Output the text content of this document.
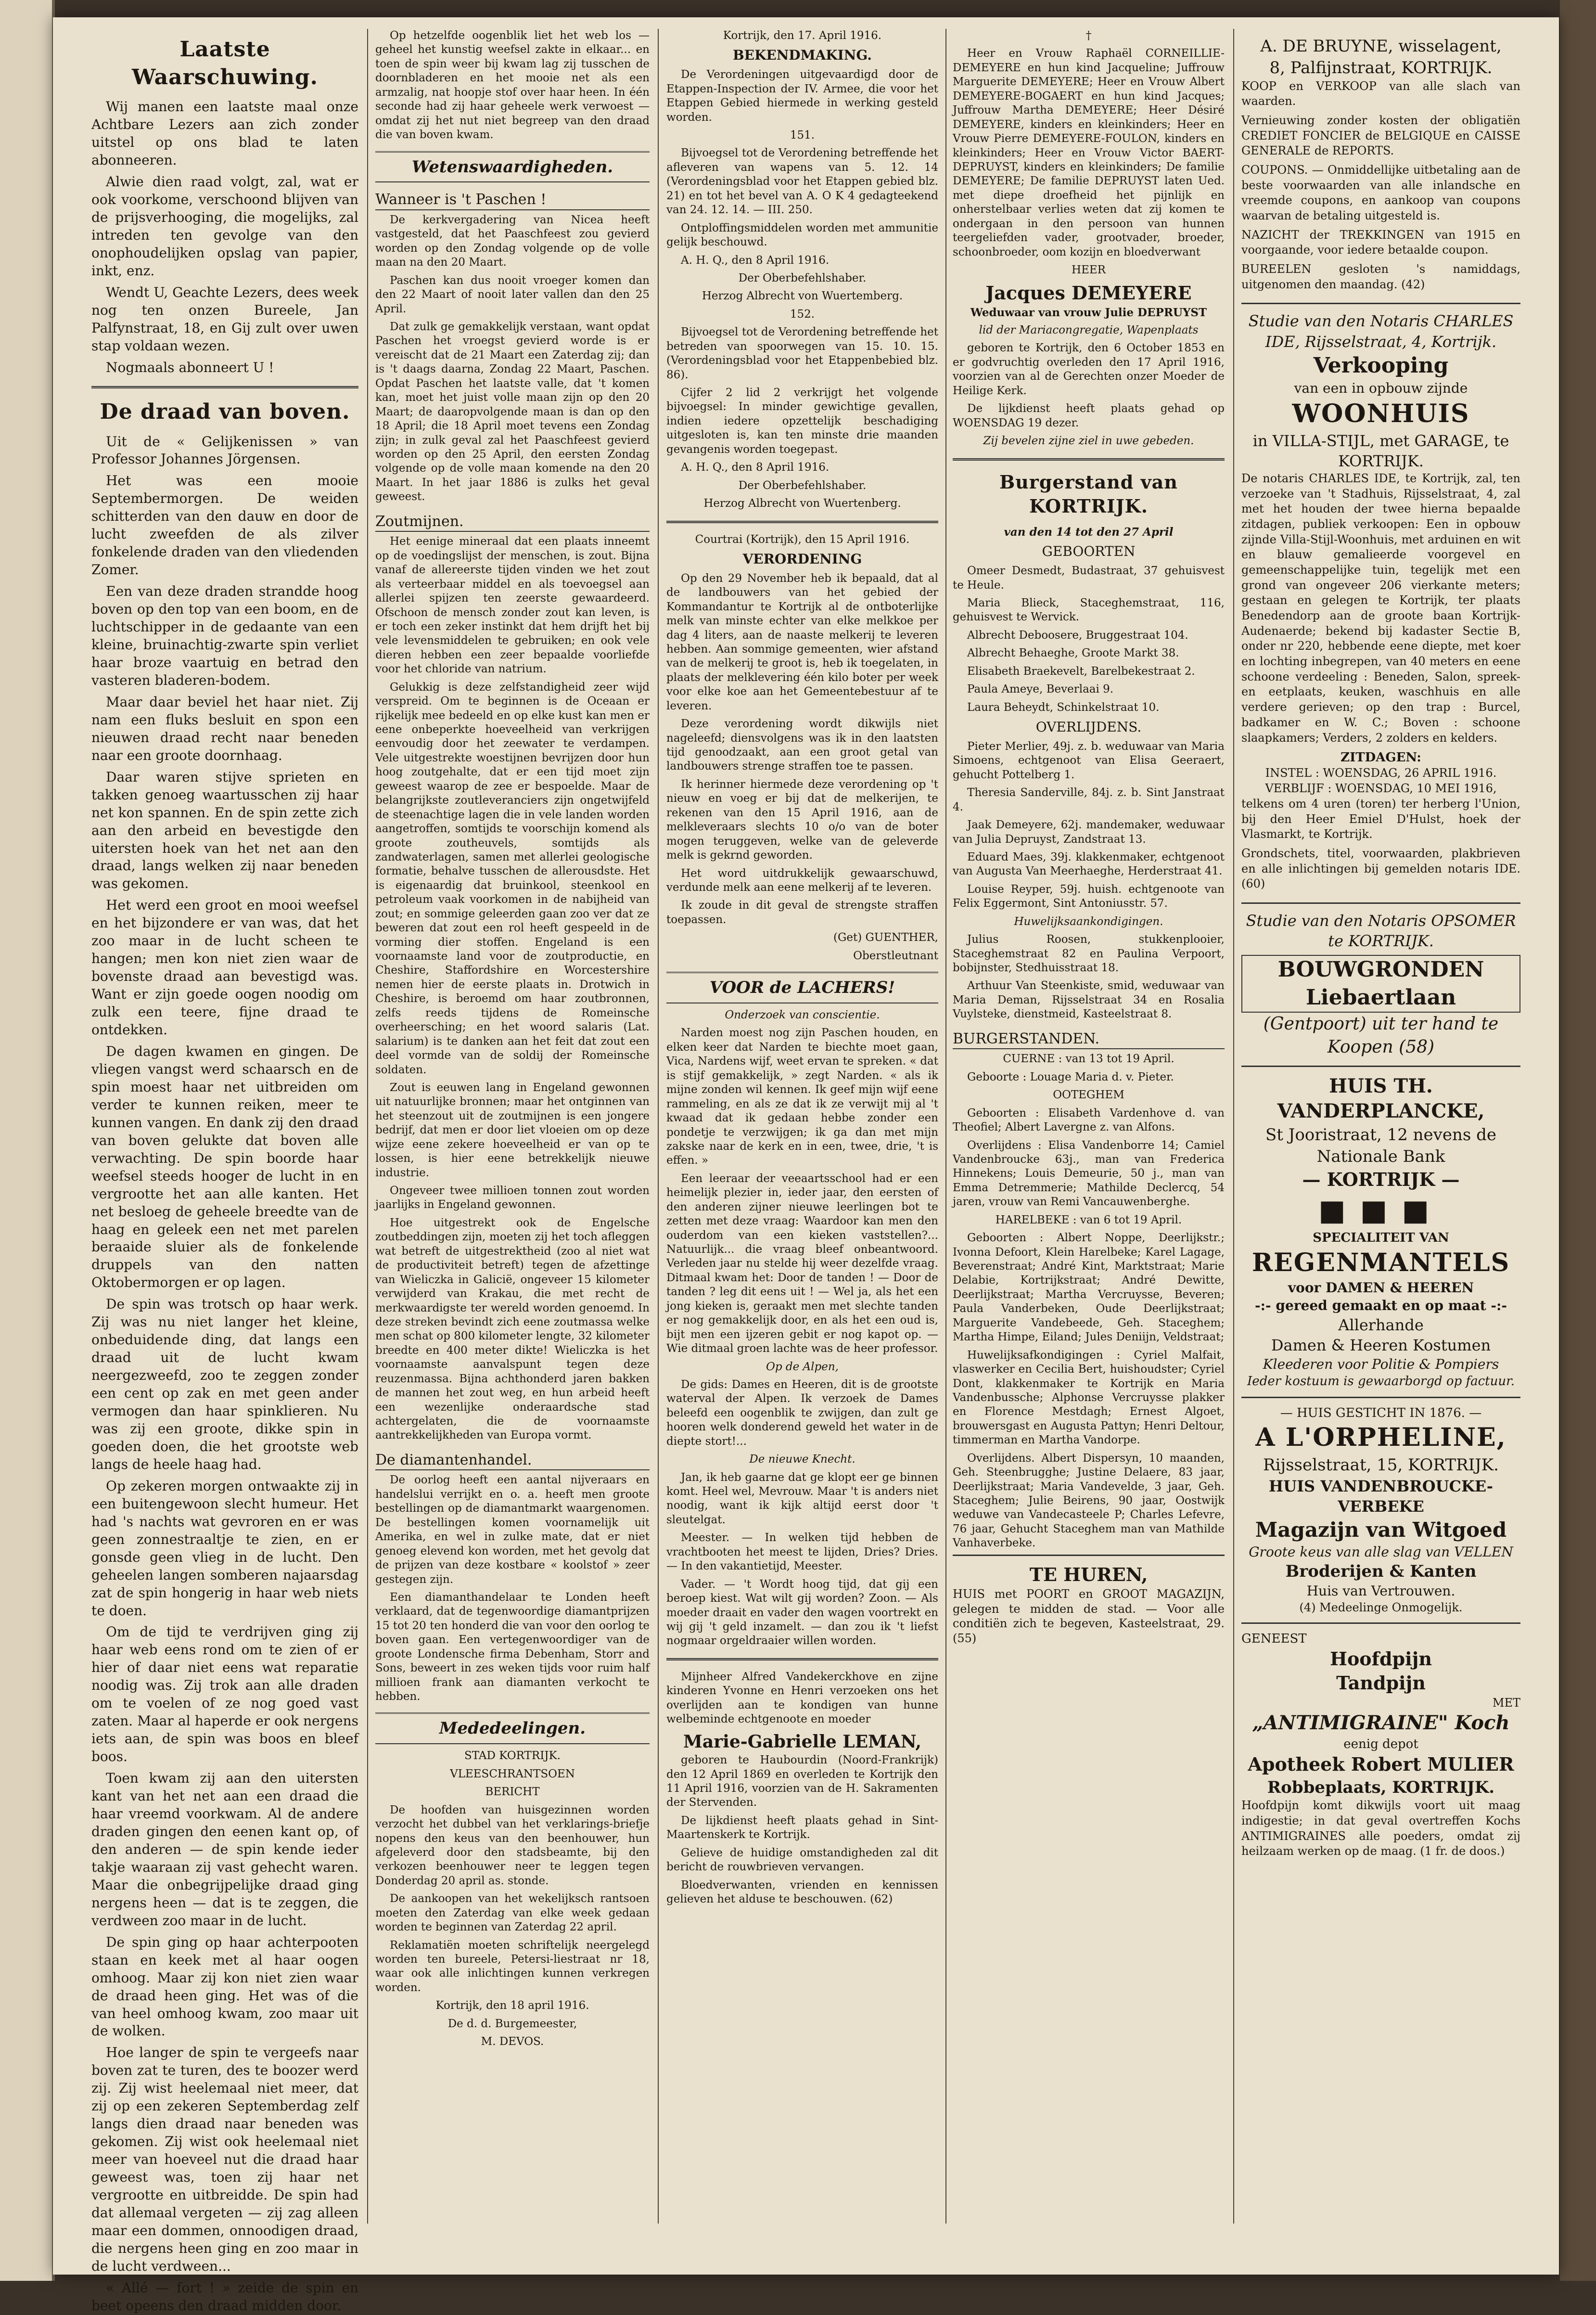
Laatste Waarschuwing.

Wij manen een laatste maal onze Achtbare Lezers aan zich zonder uitstel op ons blad te laten abonneeren.

Alwie dien raad volgt, zal, wat er ook voorkome, verschoond blijven van de prijsverhooging, die mogelijks, zal intreden ten gevolge van den onophoudelijken opslag van papier, inkt, enz.

Wendt U, Geachte Lezers, dees week nog ten onzen Bureele, Jan Palfynstraat, 18, en Gij zult over uwen stap voldaan wezen.

Nogmaals abonneert U !

De draad van boven.

Uit de « Gelijkenissen » van Professor Johannes Jörgensen.

Het was een mooie Septembermorgen. De weiden schitterden van den dauw en door de lucht zweefden de als zilver fonkelende draden van den vliedenden Zomer.

Een van deze draden strandde hoog boven op den top van een boom, en de luchtschipper in de gedaante van een kleine, bruinachtig-zwarte spin verliet haar broze vaartuig en betrad den vasteren bladeren-bodem.

Maar daar beviel het haar niet. Zij nam een fluks besluit en spon een nieuwen draad recht naar beneden naar een groote doornhaag.

Daar waren stijve sprieten en takken genoeg waartusschen zij haar net kon spannen. En de spin zette zich aan den arbeid en bevestigde den uitersten hoek van het net aan den draad, langs welken zij naar beneden was gekomen.

Het werd een groot en mooi weefsel en het bijzondere er van was, dat het zoo maar in de lucht scheen te hangen; men kon niet zien waar de bovenste draad aan bevestigd was. Want er zijn goede oogen noodig om zulk een teere, fijne draad te ontdekken.

De dagen kwamen en gingen. De vliegen vangst werd schaarsch en de spin moest haar net uitbreiden om verder te kunnen reiken, meer te kunnen vangen. En dank zij den draad van boven gelukte dat boven alle verwachting. De spin boorde haar weefsel steeds hooger de lucht in en vergrootte het aan alle kanten. Het net besloeg de geheele breedte van de haag en geleek een net met parelen beraaide sluier als de fonkelende druppels van den natten Oktobermorgen er op lagen.

De spin was trotsch op haar werk. Zij was nu niet langer het kleine, onbeduidende ding, dat langs een draad uit de lucht kwam neergezweefd, zoo te zeggen zonder een cent op zak en met geen ander vermogen dan haar spinklieren. Nu was zij een groote, dikke spin in goeden doen, die het grootste web langs de heele haag had.

Op zekeren morgen ontwaakte zij in een buitengewoon slecht humeur. Het had 's nachts wat gevroren en er was geen zonnestraaltje te zien, en er gonsde geen vlieg in de lucht. Den geheelen langen somberen najaarsdag zat de spin hongerig in haar web niets te doen.

Om de tijd te verdrijven ging zij haar web eens rond om te zien of er hier of daar niet eens wat reparatie noodig was. Zij trok aan alle draden om te voelen of ze nog goed vast zaten. Maar al haperde er ook nergens iets aan, de spin was boos en bleef boos.

Toen kwam zij aan den uitersten kant van het net aan een draad die haar vreemd voorkwam. Al de andere draden gingen den eenen kant op, of den anderen — de spin kende ieder takje waaraan zij vast gehecht waren. Maar die onbegrijpelijke draad ging nergens heen — dat is te zeggen, die verdween zoo maar in de lucht.

De spin ging op haar achterpooten staan en keek met al haar oogen omhoog. Maar zij kon niet zien waar de draad heen ging. Het was of die van heel omhoog kwam, zoo maar uit de wolken.

Hoe langer de spin te vergeefs naar boven zat te turen, des te boozer werd zij. Zij wist heelemaal niet meer, dat zij op een zekeren Septemberdag zelf langs dien draad naar beneden was gekomen. Zij wist ook heelemaal niet meer van hoeveel nut die draad haar geweest was, toen zij haar net vergrootte en uitbreidde. De spin had dat allemaal vergeten — zij zag alleen maar een dommen, onnoodigen draad, die nergens heen ging en zoo maar in de lucht verdween...

« Allé — fort ! » zeide de spin en beet opeens den draad midden door.

Op hetzelfde oogenblik liet het web los — geheel het kunstig weefsel zakte in elkaar... en toen de spin weer bij kwam lag zij tusschen de doornbladeren en het mooie net als een armzalig, nat hoopje stof over haar heen. In één seconde had zij haar geheele werk verwoest — omdat zij het nut niet begreep van den draad die van boven kwam.

Wetenswaardigheden.
Wanneer is 't Paschen !

De kerkvergadering van Nicea heeft vastgesteld, dat het Paaschfeest zou gevierd worden op den Zondag volgende op de volle maan na den 20 Maart.

Paschen kan dus nooit vroeger komen dan den 22 Maart of nooit later vallen dan den 25 April.

Dat zulk ge gemakkelijk verstaan, want opdat Paschen het vroegst gevierd worde is er vereischt dat de 21 Maart een Zaterdag zij; dan is 't daags daarna, Zondag 22 Maart, Paschen. Opdat Paschen het laatste valle, dat 't komen kan, moet het juist volle maan zijn op den 20 Maart; de daaropvolgende maan is dan op den 18 April; die 18 April moet tevens een Zondag zijn; in zulk geval zal het Paaschfeest gevierd worden op den 25 April, den eersten Zondag volgende op de volle maan komende na den 20 Maart. In het jaar 1886 is zulks het geval geweest.

Zoutmijnen.

Het eenige mineraal dat een plaats inneemt op de voedingslijst der menschen, is zout. Bijna vanaf de allereerste tijden vinden we het zout als verteerbaar middel en als toevoegsel aan allerlei spijzen ten zeerste gewaardeerd. Ofschoon de mensch zonder zout kan leven, is er toch een zeker instinkt dat hem drijft het bij vele levensmiddelen te gebruiken; en ook vele dieren hebben een zeer bepaalde voorliefde voor het chloride van natrium.

Gelukkig is deze zelfstandigheid zeer wijd verspreid. Om te beginnen is de Oceaan er rijkelijk mee bedeeld en op elke kust kan men er eene onbeperkte hoeveelheid van verkrijgen eenvoudig door het zeewater te verdampen. Vele uitgestrekte woestijnen bevrijzen door hun hoog zoutgehalte, dat er een tijd moet zijn geweest waarop de zee er bespoelde. Maar de belangrijkste zoutleveranciers zijn ongetwijfeld de steenachtige lagen die in vele landen worden aangetroffen, somtijds te voorschijn komend als groote zoutheuvels, somtijds als zandwaterlagen, samen met allerlei geologische formatie, behalve tusschen de allerousdste. Het is eigenaardig dat bruinkool, steenkool en petroleum vaak voorkomen in de nabijheid van zout; en sommige geleerden gaan zoo ver dat ze beweren dat zout een rol heeft gespeeld in de vorming dier stoffen. Engeland is een voornaamste land voor de zoutproductie, en Cheshire, Staffordshire en Worcestershire nemen hier de eerste plaats in. Drotwich in Cheshire, is beroemd om haar zoutbronnen, zelfs reeds tijdens de Romeinsche overheersching; en het woord salaris (Lat. salarium) is te danken aan het feit dat zout een deel vormde van de soldij der Romeinsche soldaten.

Zout is eeuwen lang in Engeland gewonnen uit natuurlijke bronnen; maar het ontginnen van het steenzout uit de zoutmijnen is een jongere bedrijf, dat men er door liet vloeien om op deze wijze eene zekere hoeveelheid er van op te lossen, is hier eene betrekkelijk nieuwe industrie.

Ongeveer twee millioen tonnen zout worden jaarlijks in Engeland gewonnen.

Hoe uitgestrekt ook de Engelsche zoutbeddingen zijn, moeten zij het toch afleggen wat betreft de uitgestrektheid (zoo al niet wat de productiviteit betreft) tegen de afzettinge van Wieliczka in Galicië, ongeveer 15 kilometer verwijderd van Krakau, die met recht de merkwaardigste ter wereld worden genoemd. In deze streken bevindt zich eene zoutmassa welke men schat op 800 kilometer lengte, 32 kilometer breedte en 400 meter dikte! Wieliczka is het voornaamste aanvalspunt tegen deze reuzenmassa. Bijna achthonderd jaren bakken de mannen het zout weg, en hun arbeid heeft een wezenlijke onderaardsche stad achtergelaten, die de voornaamste aantrekkelijkheden van Europa vormt.

De diamantenhandel.

De oorlog heeft een aantal nijveraars en handelslui verrijkt en o. a. heeft men groote bestellingen op de diamantmarkt waargenomen. De bestellingen komen voornamelijk uit Amerika, en wel in zulke mate, dat er niet genoeg elevend kon worden, met het gevolg dat de prijzen van deze kostbare « koolstof » zeer gestegen zijn.

Een diamanthandelaar te Londen heeft verklaard, dat de tegenwoordige diamantprijzen 15 tot 20 ten honderd die van voor den oorlog te boven gaan. Een vertegenwoordiger van de groote Londensche firma Debenham, Storr and Sons, beweert in zes weken tijds voor ruim half millioen frank aan diamanten verkocht te hebben.

Mededeelingen.

STAD KORTRIJK.

VLEESCHRANTSOEN

BERICHT

De hoofden van huisgezinnen worden verzocht het dubbel van het verklarings-briefje nopens den keus van den beenhouwer, hun afgeleverd door den stadsbeamte, bij den verkozen beenhouwer neer te leggen tegen Donderdag 20 april as. stonde.

De aankoopen van het wekelijksch rantsoen moeten den Zaterdag van elke week gedaan worden te beginnen van Zaterdag 22 april.

Reklamatiën moeten schriftelijk neergelegd worden ten bureele, Petersi-liestraat nr 18, waar ook alle inlichtingen kunnen verkregen worden.

Kortrijk, den 18 april 1916.

De d. d. Burgemeester,

M. DEVOS.

Kortrijk, den 17. April 1916.

BEKENDMAKING.

De Verordeningen uitgevaardigd door de Etappen-Inspection der IV. Armee, die voor het Etappen Gebied hiermede in werking gesteld worden.

151.

Bijvoegsel tot de Verordening betreffende het afleveren van wapens van 5. 12. 14 (Verordeningsblad voor het Etappen gebied blz. 21) en tot het bevel van A. O K 4 gedagteekend van 24. 12. 14. — III. 250.

Ontploffingsmiddelen worden met ammunitie gelijk beschouwd.

A. H. Q., den 8 April 1916.

Der Oberbefehlshaber.

Herzog Albrecht von Wuertemberg.

152.

Bijvoegsel tot de Verordening betreffende het betreden van spoorwegen van 15. 10. 15. (Verordeningsblad voor het Etappenbebied blz. 86).

Cijfer 2 lid 2 verkrijgt het volgende bijvoegsel: In minder gewichtige gevallen, indien iedere opzettelijk beschadiging uitgesloten is, kan ten minste drie maanden gevangenis worden toegepast.

A. H. Q., den 8 April 1916.

Der Oberbefehlshaber.

Herzog Albrecht von Wuertenberg.

Courtrai (Kortrijk), den 15 April 1916.

VERORDENING

Op den 29 November heb ik bepaald, dat al de landbouwers van het gebied der Kommandantur te Kortrijk al de ontboterlijke melk van minste echter van elke melkkoe per dag 4 liters, aan de naaste melkerij te leveren hebben. Aan sommige gemeenten, wier afstand van de melkerij te groot is, heb ik toegelaten, in plaats der melklevering één kilo boter per week voor elke koe aan het Gemeentebestuur af te leveren.

Deze verordening wordt dikwijls niet nageleefd; diensvolgens was ik in den laatsten tijd genoodzaakt, aan een groot getal van landbouwers strenge straffen toe te passen.

Ik herinner hiermede deze verordening op 't nieuw en voeg er bij dat de melkerijen, te rekenen van den 15 April 1916, aan de melkleveraars slechts 10 o/o van de boter mogen teruggeven, welke van de geleverde melk is gekrnd geworden.

Het word uitdrukkelijk gewaarschuwd, verdunde melk aan eene melkerij af te leveren.

Ik zoude in dit geval de strengste straffen toepassen.

(Get) GUENTHER,

Oberstleutnant

VOOR de LACHERS!

Onderzoek van conscientie.

Narden moest nog zijn Paschen houden, en elken keer dat Narden te biechte moet gaan, Vica, Nardens wijf, weet ervan te spreken. « dat is stijf gemakkelijk, » zegt Narden. « als ik mijne zonden wil kennen. Ik geef mijn wijf eene rammeling, en als ze dat ik ze verwijt mij al 't kwaad dat ik gedaan hebbe zonder een pondetje te verzwijgen; ik ga dan met mijn zakske naar de kerk en in een, twee, drie, 't is effen. »

Een leeraar der veeaartsschool had er een heimelijk plezier in, ieder jaar, den eersten of den anderen zijner nieuwe leerlingen bot te zetten met deze vraag: Waardoor kan men den ouderdom van een kieken vaststellen?... Natuurlijk... die vraag bleef onbeantwoord. Verleden jaar nu stelde hij weer dezelfde vraag. Ditmaal kwam het: Door de tanden ! — Door de tanden ? leg dit eens uit ! — Wel ja, als het een jong kieken is, geraakt men met slechte tanden er nog gemakkelijk door, en als het een oud is, bijt men een ijzeren gebit er nog kapot op. — Wie ditmaal groen lachte was de heer professor.

Op de Alpen,

De gids: Dames en Heeren, dit is de grootste waterval der Alpen. Ik verzoek de Dames beleefd een oogenblik te zwijgen, dan zult ge hooren welk donderend geweld het water in de diepte stort!...

De nieuwe Knecht.

Jan, ik heb gaarne dat ge klopt eer ge binnen komt. Heel wel, Mevrouw. Maar 't is anders niet noodig, want ik kijk altijd eerst door 't sleutelgat.

Meester. — In welken tijd hebben de vrachtbooten het meest te lijden, Dries? Dries. — In den vakantietijd, Meester.

Vader. — 't Wordt hoog tijd, dat gij een beroep kiest. Wat wilt gij worden? Zoon. — Als moeder draait en vader den wagen voortrekt en wij gij 't geld inzamelt. — dan zou ik 't liefst nogmaar orgeldraaier willen worden.

Mijnheer Alfred Vandekerckhove en zijne kinderen Yvonne en Henri verzoeken ons het overlijden aan te kondigen van hunne welbeminde echtgenoote en moeder

Marie-Gabrielle LEMAN,

geboren te Haubourdin (Noord-Frankrijk) den 12 April 1869 en overleden te Kortrijk den 11 April 1916, voorzien van de H. Sakramenten der Stervenden.

De lijkdienst heeft plaats gehad in Sint-Maartenskerk te Kortrijk.

Gelieve de huidige omstandigheden zal dit bericht de rouwbrieven vervangen.

Bloedverwanten, vrienden en kennissen gelieven het alduse te beschouwen. (62)

†

Heer en Vrouw Raphaël CORNEILLIE-DEMEYERE en hun kind Jacqueline; Juffrouw Marguerite DEMEYERE; Heer en Vrouw Albert DEMEYERE-BOGAERT en hun kind Jacques; Juffrouw Martha DEMEYERE; Heer Désiré DEMEYERE, kinders en kleinkinders; Heer en Vrouw Pierre DEMEYERE-FOULON, kinders en kleinkinders; Heer en Vrouw Victor BAERT-DEPRUYST, kinders en kleinkinders; De familie DEMEYERE; De familie DEPRUYST laten Ued. met diepe droefheid het pijnlijk en onherstelbaar verlies weten dat zij komen te ondergaan in den persoon van hunnen teergeliefden vader, grootvader, broeder, schoonbroeder, oom kozijn en bloedverwant

HEER

Jacques DEMEYERE

Weduwaar van vrouw Julie DEPRUYST

lid der Mariacongregatie, Wapenplaats

geboren te Kortrijk, den 6 October 1853 en er godvruchtig overleden den 17 April 1916, voorzien van al de Gerechten onzer Moeder de Heilige Kerk.

De lijkdienst heeft plaats gehad op WOENSDAG 19 dezer.

Zij bevelen zijne ziel in uwe gebeden.

Burgerstand van KORTRIJK.

van den 14 tot den 27 April

GEBOORTEN

Omeer Desmedt, Budastraat, 37 gehuisvest te Heule.

Maria Blieck, Staceghemstraat, 116, gehuisvest te Wervick.

Albrecht Deboosere, Bruggestraat 104.

Albrecht Behaeghe, Groote Markt 38.

Elisabeth Braekevelt, Barelbekestraat 2.

Paula Ameye, Beverlaai 9.

Laura Beheydt, Schinkelstraat 10.

OVERLIJDENS.

Pieter Merlier, 49j. z. b. weduwaar van Maria Simoens, echtgenoot van Elisa Geeraert, gehucht Pottelberg 1.

Theresia Sanderville, 84j. z. b. Sint Janstraat 4.

Jaak Demeyere, 62j. mandemaker, weduwaar van Julia Depruyst, Zandstraat 13.

Eduard Maes, 39j. klakkenmaker, echtgenoot van Augusta Van Meerhaeghe, Herderstraat 41.

Louise Reyper, 59j. huish. echtgenoote van Felix Eggermont, Sint Antoniusstr. 57.

Huwelijksaankondigingen.

Julius Roosen, stukkenplooier, Staceghemstraat 82 en Paulina Verpoort, bobijnster, Stedhuisstraat 18.

Arthuur Van Steenkiste, smid, weduwaar van Maria Deman, Rijsselstraat 34 en Rosalia Vuylsteke, dienstmeid, Kasteelstraat 8.

BURGERSTANDEN.

CUERNE : van 13 tot 19 April.

Geboorte : Louage Maria d. v. Pieter.

OOTEGHEM

Geboorten : Elisabeth Vardenhove d. van Theofiel; Albert Lavergne z. van Alfons.

Overlijdens : Elisa Vandenborre 14; Camiel Vandenbroucke 63j., man van Frederica Hinnekens; Louis Demeurie, 50 j., man van Emma Detremmerie; Mathilde Declercq, 54 jaren, vrouw van Remi Vancauwenberghe.

HARELBEKE : van 6 tot 19 April.

Geboorten : Albert Noppe, Deerlijkstr.; Ivonna Defoort, Klein Harelbeke; Karel Lagage, Beverenstraat; André Kint, Marktstraat; Marie Delabie, Kortrijkstraat; André Dewitte, Deerlijkstraat; Martha Vercruysse, Beveren; Paula Vanderbeken, Oude Deerlijkstraat; Marguerite Vandebeede, Geh. Staceghem; Martha Himpe, Eiland; Jules Deniijn, Veldstraat;

Huwelijksafkondigingen : Cyriel Malfait, vlaswerker en Cecilia Bert, huishoudster; Cyriel Dont, klakkenmaker te Kortrijk en Maria Vandenbussche; Alphonse Vercruysse plakker en Florence Mestdagh; Ernest Algoet, brouwersgast en Augusta Pattyn; Henri Deltour, timmerman en Martha Vandorpe.

Overlijdens. Albert Dispersyn, 10 maanden, Geh. Steenbrugghe; Justine Delaere, 83 jaar, Deerlijkstraat; Maria Vandevelde, 3 jaar, Geh. Staceghem; Julie Beirens, 90 jaar, Oostwijk weduwe van Vandecasteele P; Charles Lefevre, 76 jaar, Gehucht Staceghem man van Mathilde Vanhaverbeke.

TE HUREN,

HUIS met POORT en GROOT MAGAZIJN, gelegen te midden de stad. — Voor alle conditiën zich te begeven, Kasteelstraat, 29. (55)

A. DE BRUYNE, wisselagent,
8, Palfijnstraat, KORTRIJK.

KOOP en VERKOOP van alle slach van waarden.

Vernieuwing zonder kosten der obligatiën CREDIET FONCIER de BELGIQUE en CAISSE GENERALE de REPORTS.

COUPONS. — Onmiddellijke uitbetaling aan de beste voorwaarden van alle inlandsche en vreemde coupons, en aankoop van coupons waarvan de betaling uitgesteld is.

NAZICHT der TREKKINGEN van 1915 en voorgaande, voor iedere betaalde coupon.

BUREELEN gesloten 's namiddags, uitgenomen den maandag. (42)

Studie van den Notaris CHARLES IDE, Rijsselstraat, 4, Kortrijk.
Verkooping
van een in opbouw zijnde
WOONHUIS
in VILLA-STIJL, met GARAGE, te KORTRIJK.

De notaris CHARLES IDE, te Kortrijk, zal, ten verzoeke van 't Stadhuis, Rijsselstraat, 4, zal met het houden der twee hierna bepaalde zitdagen, publiek verkoopen: Een in opbouw zijnde Villa-Stijl-Woonhuis, met arduinen en wit en blauw gemalieerde voorgevel en gemeenschappelijke tuin, tegelijk met een grond van ongeveer 206 vierkante meters; gestaan en gelegen te Kortrijk, ter plaats Benedendorp aan de groote baan Kortrijk-Audenaerde; bekend bij kadaster Sectie B, onder nr 220, hebbende eene diepte, met koer en lochting inbegrepen, van 40 meters en eene schoone verdeeling : Beneden, Salon, spreek- en eetplaats, keuken, waschhuis en alle verdere gerieven; op den trap : Burcel, badkamer en W. C.; Boven : schoone slaapkamers; Verders, 2 zolders en kelders.

ZITDAGEN:
INSTEL : WOENSDAG, 26 APRIL 1916.
VERBLIJF : WOENSDAG, 10 MEI 1916,

telkens om 4 uren (toren) ter herberg l'Union, bij den Heer Emiel D'Hulst, hoek der Vlasmarkt, te Kortrijk.

Grondschets, titel, voorwaarden, plakbrieven en alle inlichtingen bij gemelden notaris IDE. (60)

Studie van den Notaris OPSOMER te KORTRIJK.
BOUWGRONDEN Liebaertlaan
(Gentpoort) uit ter hand te Koopen (58)
HUIS TH. VANDERPLANCKE,
St Jooristraat, 12 nevens de Nationale Bank
— KORTRIJK —
■■■
SPECIALITEIT VAN
REGENMANTELS
voor DAMEN & HEEREN
-:- gereed gemaakt en op maat -:-
Allerhande
Damen & Heeren Kostumen
Kleederen voor Politie & Pompiers
Ieder kostuum is gewaarborgd op factuur.
— HUIS GESTICHT IN 1876. —
A L'ORPHELINE,
Rijsselstraat, 15, KORTRIJK.
HUIS VANDENBROUCKE-VERBEKE
Magazijn van Witgoed
Groote keus van alle slag van VELLEN
Broderijen & Kanten
Huis van Vertrouwen.
(4) Medeelinge Onmogelijk.
GENEEST
Hoofdpijn
Tandpijn
MET
„ANTIMIGRAINE" Koch
eenig depot
Apotheek Robert MULIER
Robbeplaats, KORTRIJK.

Hoofdpijn komt dikwijls voort uit maag indigestie; in dat geval overtreffen Kochs ANTIMIGRAINES alle poeders, omdat zij heilzaam werken op de maag. (1 fr. de doos.)
